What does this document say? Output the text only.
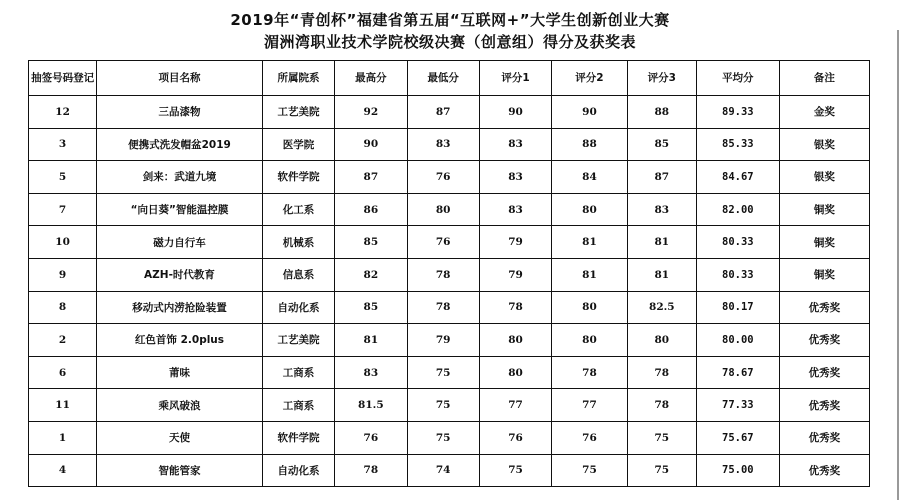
2019年“青创杯”福建省第五届“互联网+”大学生创新创业大赛
湄洲湾职业技术学院校级决赛（创意组）得分及获奖表
抽签号码登记	项目名称	所属院系	最高分	最低分	评分1	评分2	评分3	平均分	备注
12	三品漆物	工艺美院	92	87	90	90	88	89.33	金奖
3	便携式洗发帽盆2019	医学院	90	83	83	88	85	85.33	银奖
5	剑来：武道九境	软件学院	87	76	83	84	87	84.67	银奖
7	“向日葵”智能温控膜	化工系	86	80	83	80	83	82.00	铜奖
10	磁力自行车	机械系	85	76	79	81	81	80.33	铜奖
9	AZH-时代教育	信息系	82	78	79	81	81	80.33	铜奖
8	移动式内涝抢险装置	自动化系	85	78	78	80	82.5	80.17	优秀奖
2	红色首饰 2.0plus	工艺美院	81	79	80	80	80	80.00	优秀奖
6	莆味	工商系	83	75	80	78	78	78.67	优秀奖
11	乘风破浪	工商系	81.5	75	77	77	78	77.33	优秀奖
1	天使	软件学院	76	75	76	76	75	75.67	优秀奖
4	智能管家	自动化系	78	74	75	75	75	75.00	优秀奖
